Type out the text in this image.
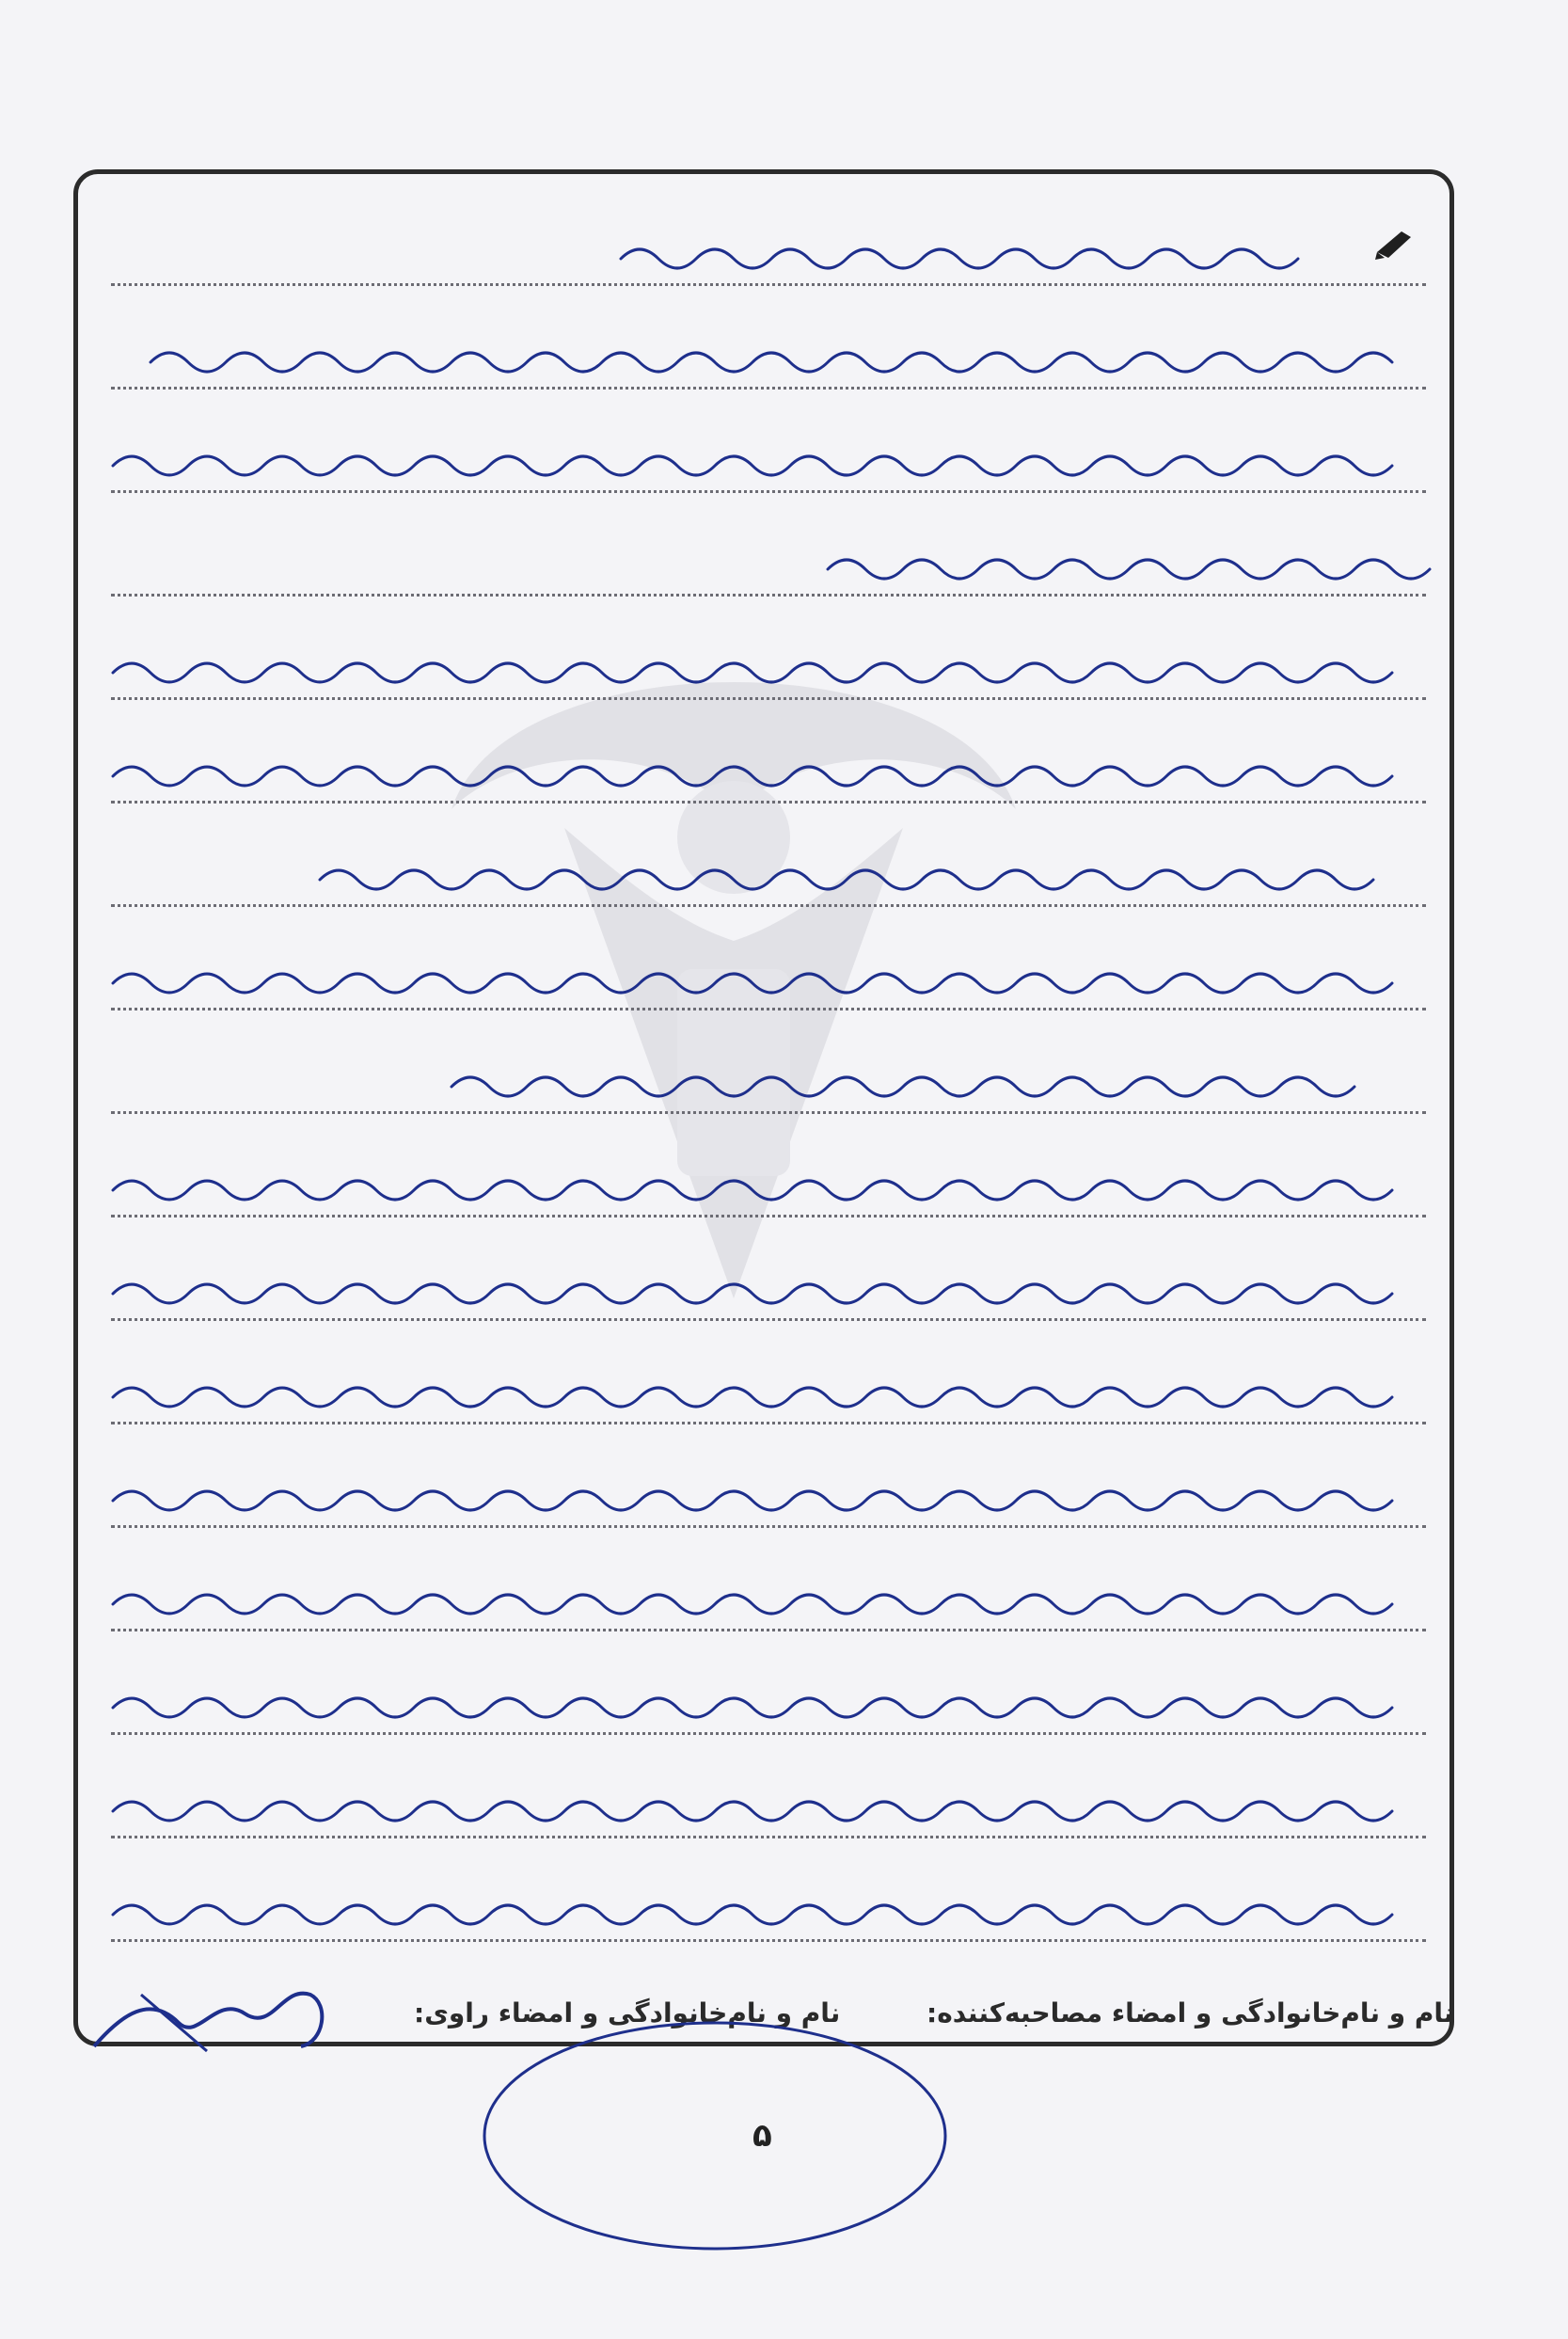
نام و نام‌خانوادگی و امضاء مصاحبه‌کننده:
نام و نام‌خانوادگی و امضاء راوی:
۵
